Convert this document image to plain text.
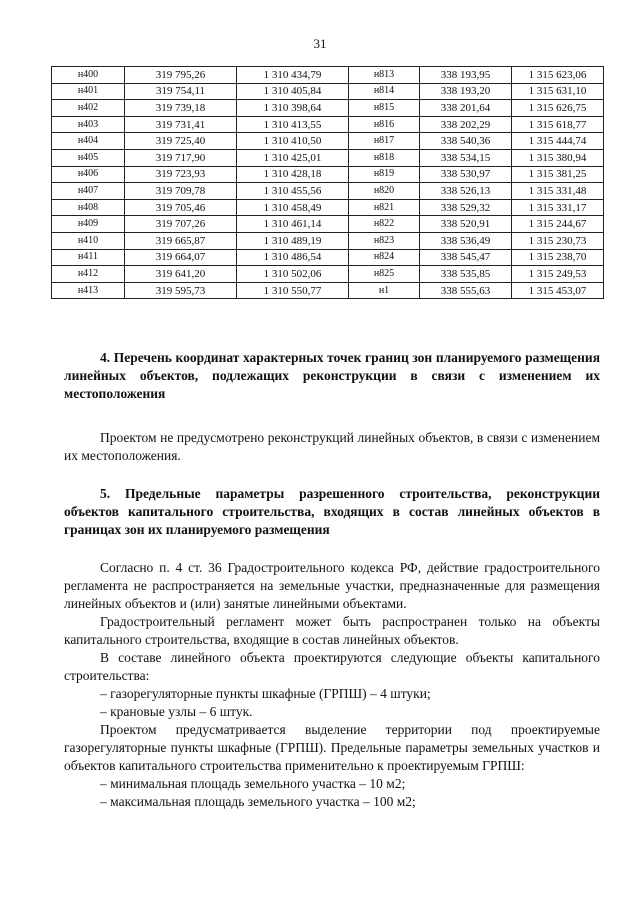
31
н400	319 795,26	1 310 434,79	н813	338 193,95	1 315 623,06
н401	319 754,11	1 310 405,84	н814	338 193,20	1 315 631,10
н402	319 739,18	1 310 398,64	н815	338 201,64	1 315 626,75
н403	319 731,41	1 310 413,55	н816	338 202,29	1 315 618,77
н404	319 725,40	1 310 410,50	н817	338 540,36	1 315 444,74
н405	319 717,90	1 310 425,01	н818	338 534,15	1 315 380,94
н406	319 723,93	1 310 428,18	н819	338 530,97	1 315 381,25
н407	319 709,78	1 310 455,56	н820	338 526,13	1 315 331,48
н408	319 705,46	1 310 458,49	н821	338 529,32	1 315 331,17
н409	319 707,26	1 310 461,14	н822	338 520,91	1 315 244,67
н410	319 665,87	1 310 489,19	н823	338 536,49	1 315 230,73
н411	319 664,07	1 310 486,54	н824	338 545,47	1 315 238,70
н412	319 641,20	1 310 502,06	н825	338 535,85	1 315 249,53
н413	319 595,73	1 310 550,77	н1	338 555,63	1 315 453,07

4. Перечень координат характерных точек границ зон планируемого размещения линейных объектов, подлежащих реконструкции в связи с изменением их местоположения

Проектом не предусмотрено реконструкций линейных объектов, в связи с изменением их местоположения.

5. Предельные параметры разрешенного строительства, реконструкции объектов капитального строительства, входящих в состав линейных объектов в границах зон их планируемого размещения

Согласно п. 4 ст. 36 Градостроительного кодекса РФ, действие градостроительного регламента не распространяется на земельные участки, предназначенные для размещения линейных объектов и (или) занятые линейными объектами.

Градостроительный регламент может быть распространен только на объекты капитального строительства, входящие в состав линейных объектов.

В составе линейного объекта проектируются следующие объекты капитального строительства:

– газорегуляторные пункты шкафные (ГРПШ) – 4 штуки;

– крановые узлы – 6 штук.

Проектом предусматривается выделение территории под проектируемые газорегуляторные пункты шкафные (ГРПШ). Предельные параметры земельных участков и объектов капитального строительства применительно к проектируемым ГРПШ:

– минимальная площадь земельного участка – 10 м2;

– максимальная площадь земельного участка – 100 м2;
